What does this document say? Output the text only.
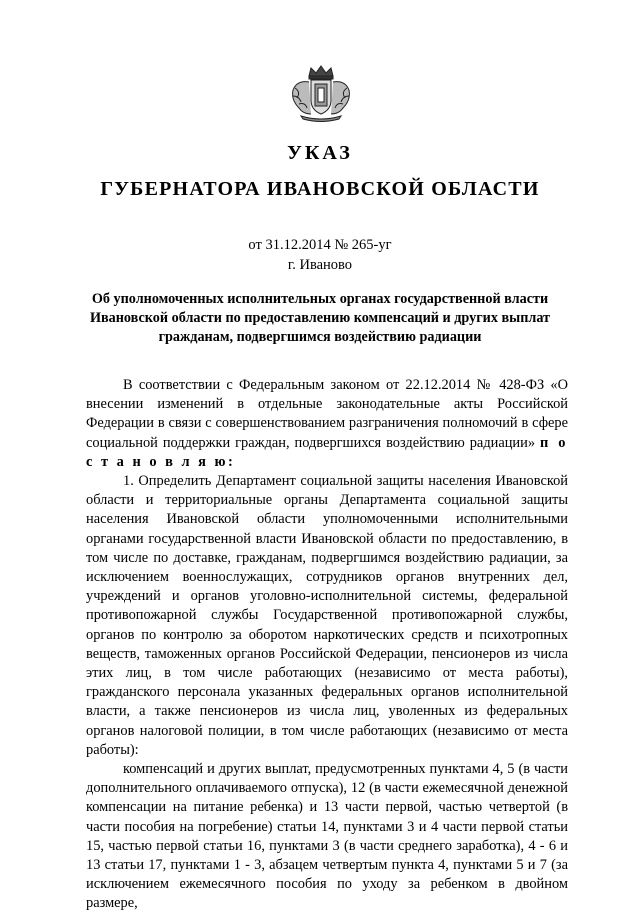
УКАЗ
ГУБЕРНАТОРА ИВАНОВСКОЙ ОБЛАСТИ
от 31.12.2014 № 265-уг
г. Иваново
Об уполномоченных исполнительных органах государственной власти Ивановской области по предоставлению компенсаций и других выплат гражданам, подвергшимся воздействию радиации

В соответствии с Федеральным законом от 22.12.2014 № 428-ФЗ «О внесении изменений в отдельные законодательные акты Российской Федерации в связи с совершенствованием разграничения полномочий в сфере социальной поддержки граждан, подвергшихся воздействию радиации» п о с т а н о в л я ю:

1. Определить Департамент социальной защиты населения Ивановской области и территориальные органы Департамента социальной защиты населения Ивановской области уполномоченными исполнительными органами государственной власти Ивановской области по предоставлению, в том числе по доставке, гражданам, подвергшимся воздействию радиации, за исключением военнослужащих, сотрудников органов внутренних дел, учреждений и органов уголовно-исполнительной системы, федеральной противопожарной службы Государственной противопожарной службы, органов по контролю за оборотом наркотических средств и психотропных веществ, таможенных органов Российской Федерации, пенсионеров из числа этих лиц, в том числе работающих (независимо от места работы), гражданского персонала указанных федеральных органов исполнительной власти, а также пенсионеров из числа лиц, уволенных из федеральных органов налоговой полиции, в том числе работающих (независимо от места работы):

компенсаций и других выплат, предусмотренных пунктами 4, 5 (в части дополнительного оплачиваемого отпуска), 12 (в части ежемесячной денежной компенсации на питание ребенка) и 13 части первой, частью четвертой (в части пособия на погребение) статьи 14, пунктами 3 и 4 части первой статьи 15, частью первой статьи 16, пунктами 3 (в части среднего заработка), 4 - 6 и 13 статьи 17, пунктами 1 - 3, абзацем четвертым пункта 4, пунктами 5 и 7 (за исключением ежемесячного пособия по уходу за ребенком в двойном размере,
